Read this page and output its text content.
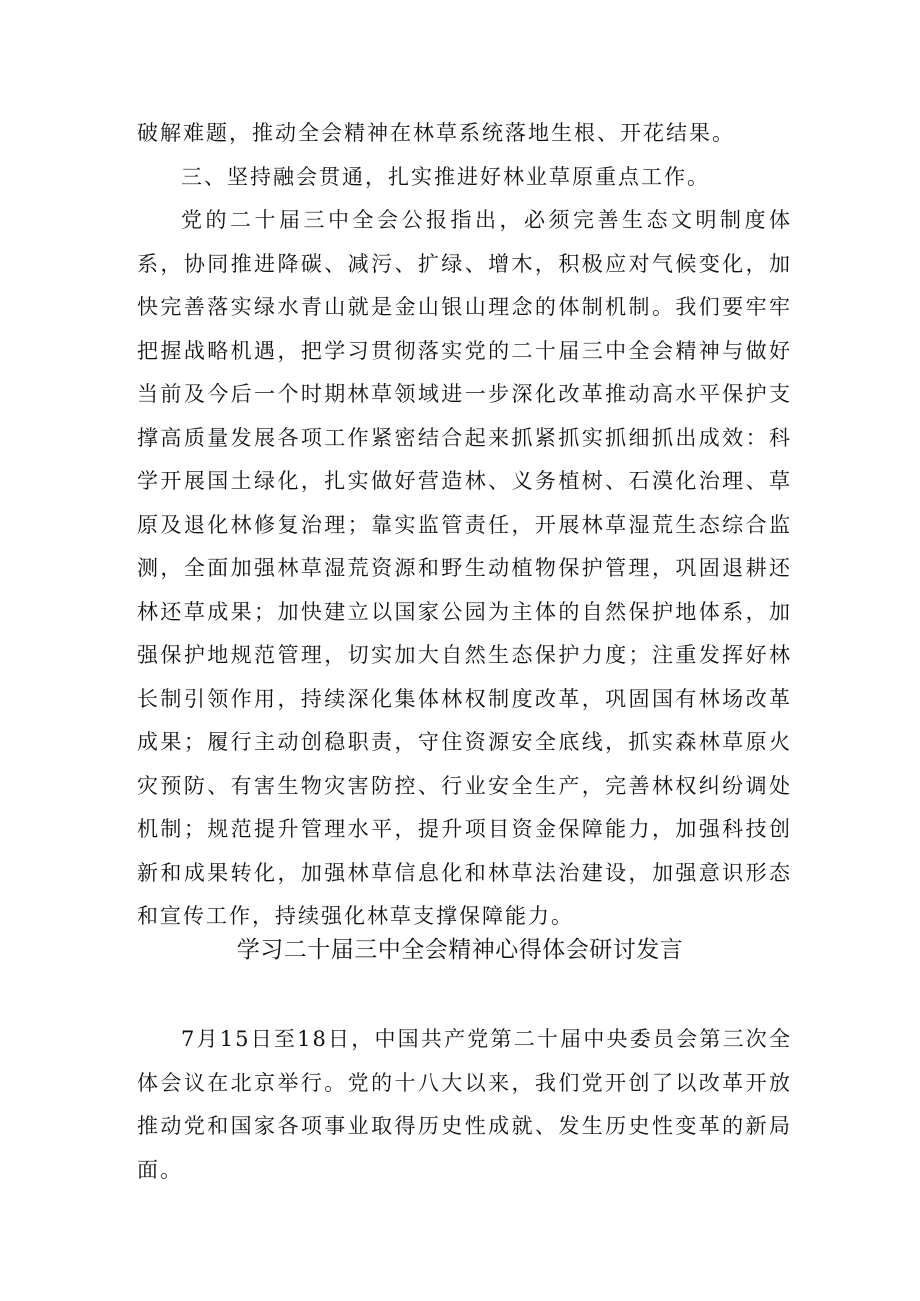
破解难题，推动全会精神在林草系统落地生根、开花结果。

三、坚持融会贯通，扎实推进好林业草原重点工作。

党的二十届三中全会公报指出，必须完善生态文明制度体系，协同推进降碳、减污、扩绿、增木，积极应对气候变化，加快完善落实绿水青山就是金山银山理念的体制机制。我们要牢牢把握战略机遇，把学习贯彻落实党的二十届三中全会精神与做好当前及今后一个时期林草领域进一步深化改革推动高水平保护支撑高质量发展各项工作紧密结合起来抓紧抓实抓细抓出成效：科学开展国土绿化，扎实做好营造林、义务植树、石漠化治理、草原及退化林修复治理；靠实监管责任，开展林草湿荒生态综合监测，全面加强林草湿荒资源和野生动植物保护管理，巩固退耕还林还草成果；加快建立以国家公园为主体的自然保护地体系，加强保护地规范管理，切实加大自然生态保护力度；注重发挥好林长制引领作用，持续深化集体林权制度改革，巩固国有林场改革成果；履行主动创稳职责，守住资源安全底线，抓实森林草原火灾预防、有害生物灾害防控、行业安全生产，完善林权纠纷调处机制；规范提升管理水平，提升项目资金保障能力，加强科技创新和成果转化，加强林草信息化和林草法治建设，加强意识形态和宣传工作，持续强化林草支撑保障能力。

学习二十届三中全会精神心得体会研讨发言

7月15日至18日，中国共产党第二十届中央委员会第三次全体会议在北京举行。党的十八大以来，我们党开创了以改革开放推动党和国家各项事业取得历史性成就、发生历史性变革的新局面。
